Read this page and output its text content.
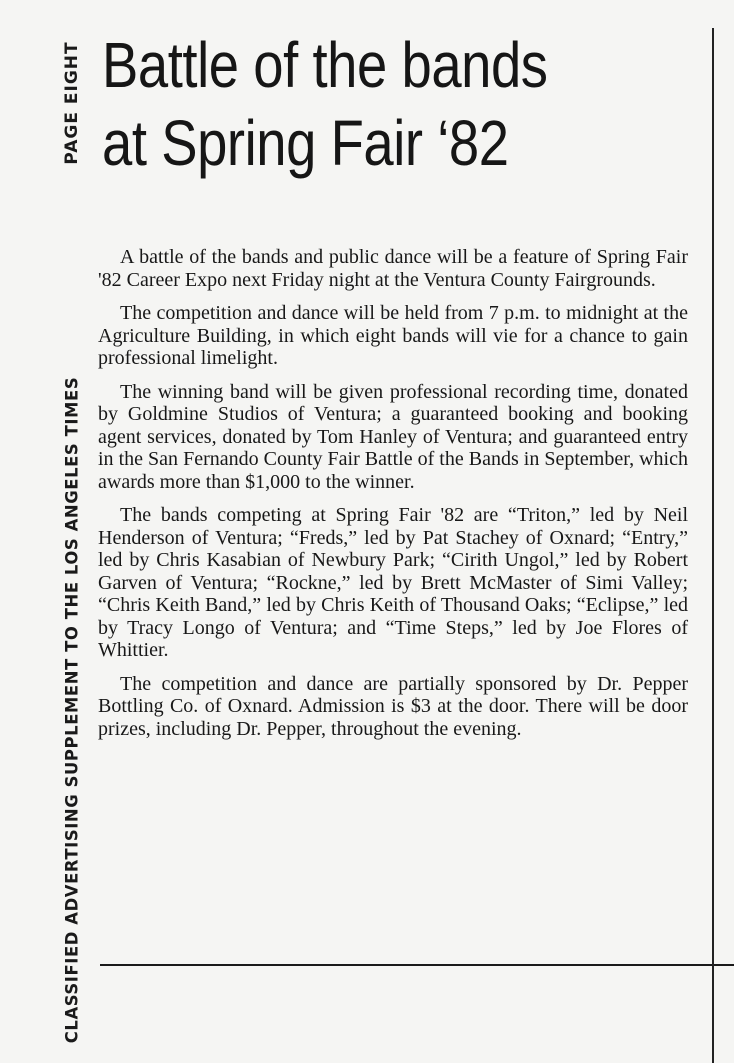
PAGE EIGHT
CLASSIFIED ADVERTISING SUPPLEMENT TO THE LOS ANGELES TIMES
Battle of the bands
at Spring Fair ‘82

A battle of the bands and public dance will be a feature of Spring Fair '82 Career Expo next Friday night at the Ventura County Fairgrounds.

The competition and dance will be held from 7 p.m. to midnight at the Agriculture Building, in which eight bands will vie for a chance to gain professional limelight.

The winning band will be given professional recording time, donated by Goldmine Studios of Ventura; a guaranteed booking and booking agent services, donated by Tom Hanley of Ventura; and guaranteed entry in the San Fernando County Fair Battle of the Bands in September, which awards more than $1,000 to the winner.

The bands competing at Spring Fair '82 are “Triton,” led by Neil Henderson of Ventura; “Freds,” led by Pat Stachey of Oxnard; “Entry,” led by Chris Kasabian of Newbury Park; “Cirith Ungol,” led by Robert Garven of Ventura; “Rockne,” led by Brett McMaster of Simi Valley; “Chris Keith Band,” led by Chris Keith of Thousand Oaks; “Eclipse,” led by Tracy Longo of Ventura; and “Time Steps,” led by Joe Flores of Whittier.

The competition and dance are partially sponsored by Dr. Pepper Bottling Co. of Oxnard. Admission is $3 at the door. There will be door prizes, including Dr. Pepper, throughout the evening.
